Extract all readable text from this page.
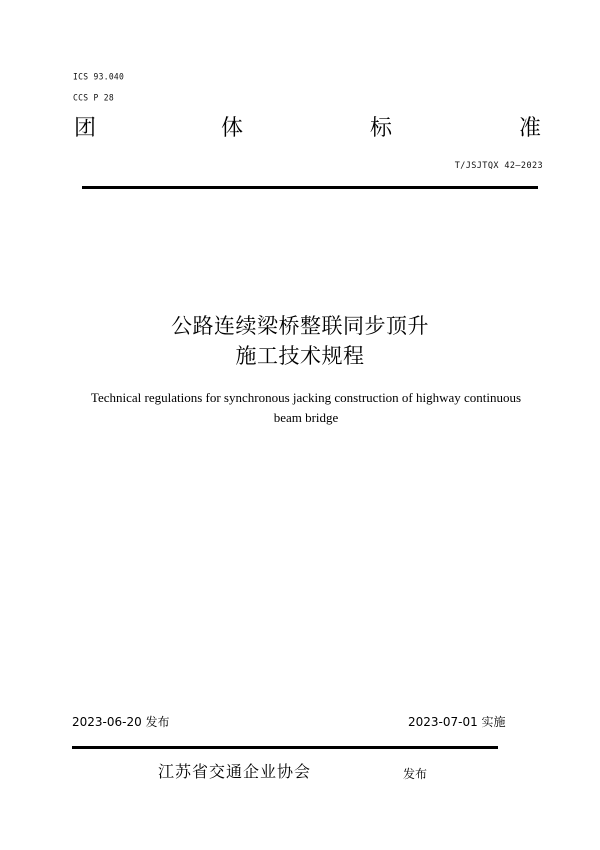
ICS 93.040
CCS P 28
团	体	标	准
T/JSJTQX 42—2023
公路连续梁桥整联同步顶升
施工技术规程
Technical regulations for synchronous jacking construction of highway continuous
beam bridge
2023-06-20 发布	2023-07-01 实施
江苏省交通企业协会	发布
